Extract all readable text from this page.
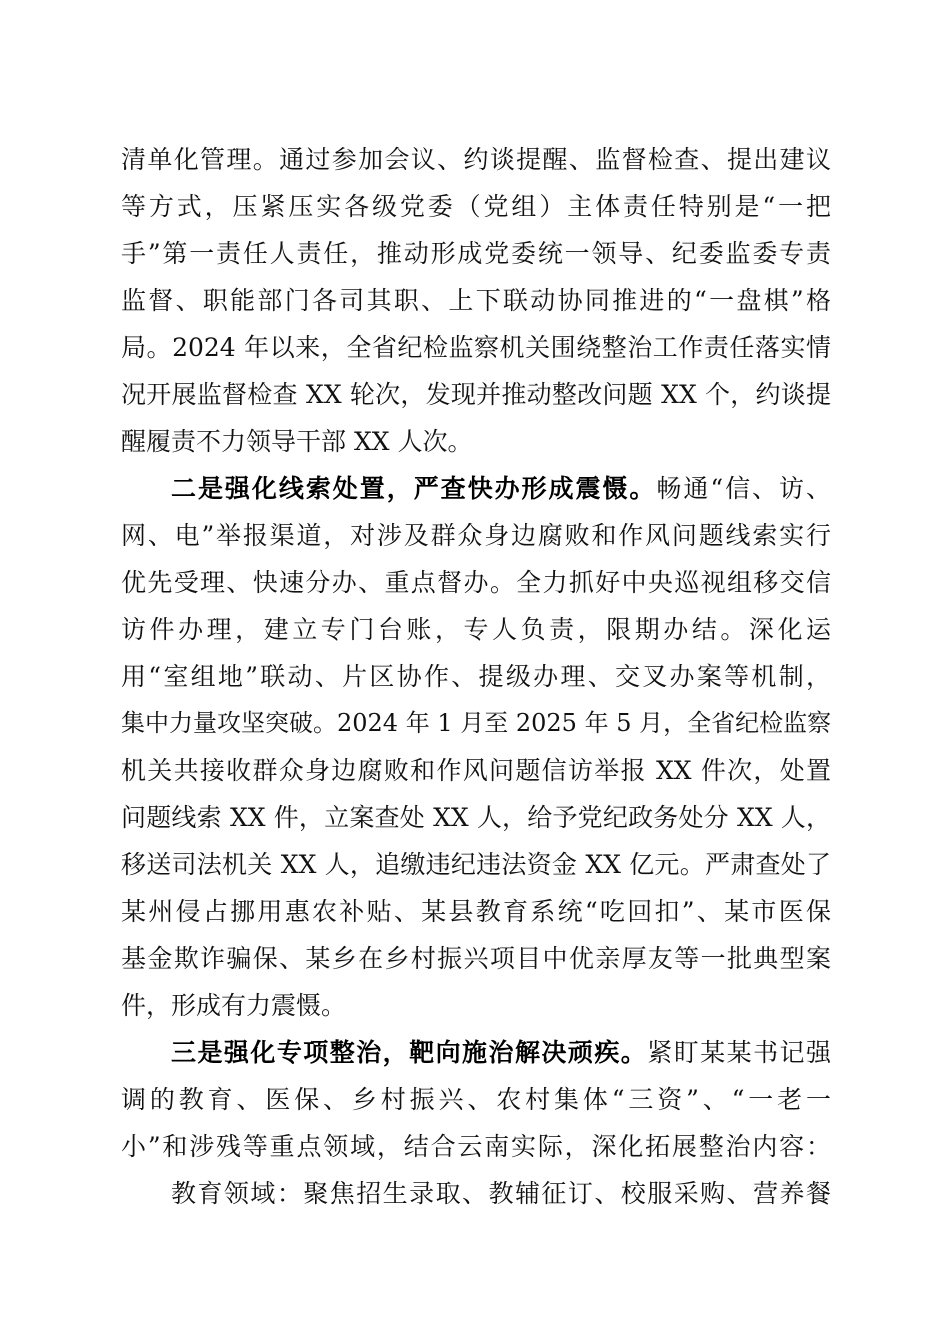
清单化管理。通过参加会议、约谈提醒、监督检查、提出建议
等方式，压紧压实各级党委（党组）主体责任特别是“一把
手”第一责任人责任，推动形成党委统一领导、纪委监委专责
监督、职能部门各司其职、上下联动协同推进的“一盘棋”格
局。2024 年以来，全省纪检监察机关围绕整治工作责任落实情
况开展监督检查 XX 轮次，发现并推动整改问题 XX 个，约谈提
醒履责不力领导干部 XX 人次。
二是强化线索处置，严查快办形成震慑。畅通“信、访、
网、电”举报渠道，对涉及群众身边腐败和作风问题线索实行
优先受理、快速分办、重点督办。全力抓好中央巡视组移交信
访件办理，建立专门台账，专人负责，限期办结。深化运
用“室组地”联动、片区协作、提级办理、交叉办案等机制，
集中力量攻坚突破。2024 年 1 月至 2025 年 5 月，全省纪检监察
机关共接收群众身边腐败和作风问题信访举报 XX 件次，处置
问题线索 XX 件，立案查处 XX 人，给予党纪政务处分 XX 人，
移送司法机关 XX 人，追缴违纪违法资金 XX 亿元。严肃查处了
某州侵占挪用惠农补贴、某县教育系统“吃回扣”、某市医保
基金欺诈骗保、某乡在乡村振兴项目中优亲厚友等一批典型案
件，形成有力震慑。
三是强化专项整治，靶向施治解决顽疾。紧盯某某书记强
调的教育、医保、乡村振兴、农村集体“三资”、“一老一
小”和涉残等重点领域，结合云南实际，深化拓展整治内容：
教育领域：聚焦招生录取、教辅征订、校服采购、营养餐
